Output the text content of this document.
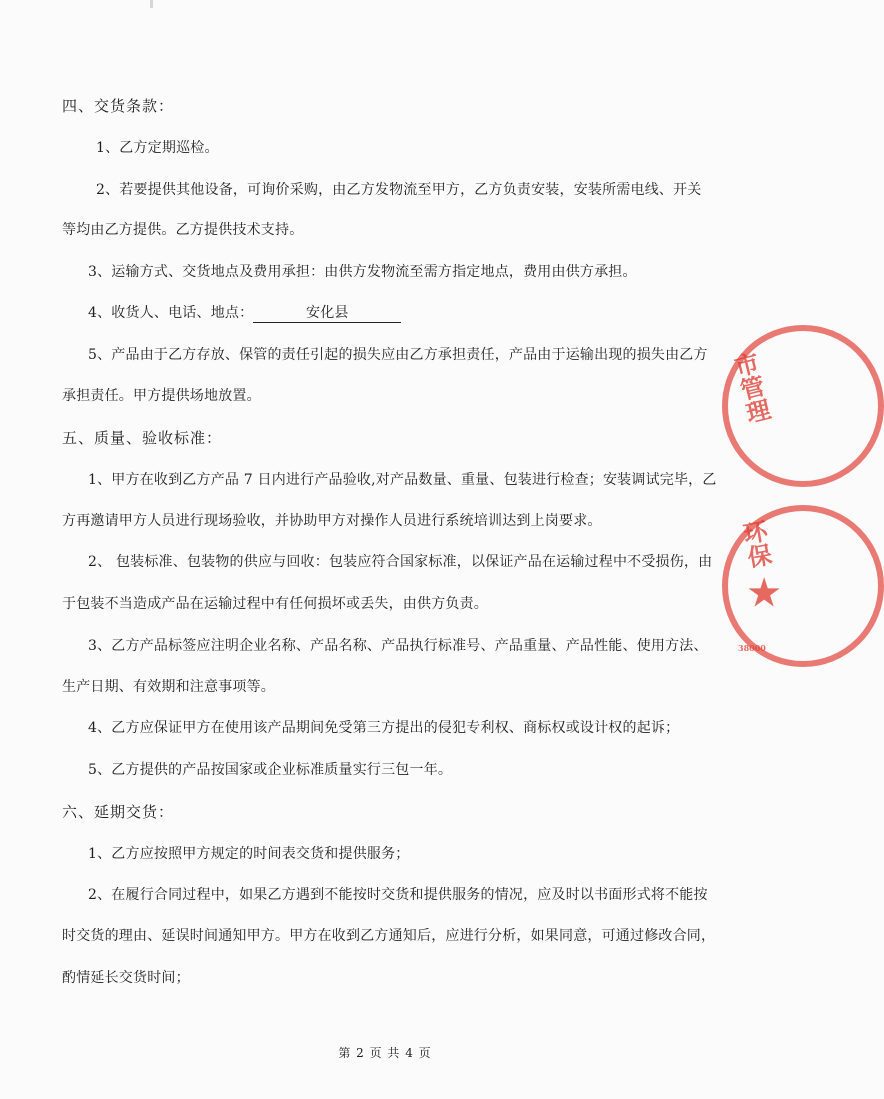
四、交货条款：
1、乙方定期巡检。
2、若要提供其他设备，可询价采购，由乙方发物流至甲方，乙方负责安装，安装所需电线、开关
等均由乙方提供。乙方提供技术支持。
3、运输方式、交货地点及费用承担：由供方发物流至需方指定地点，费用由供方承担。
4、收货人、电话、地点：	安化县
5、产品由于乙方存放、保管的责任引起的损失应由乙方承担责任，产品由于运输出现的损失由乙方
承担责任。甲方提供场地放置。
五、质量、验收标准：
1、甲方在收到乙方产品 7 日内进行产品验收,对产品数量、重量、包装进行检查；安装调试完毕，乙
方再邀请甲方人员进行现场验收，并协助甲方对操作人员进行系统培训达到上岗要求。
2、 包装标准、包装物的供应与回收：包装应符合国家标准，以保证产品在运输过程中不受损伤，由
于包装不当造成产品在运输过程中有任何损坏或丢失，由供方负责。
3、乙方产品标签应注明企业名称、产品名称、产品执行标准号、产品重量、产品性能、使用方法、
生产日期、有效期和注意事项等。
4、乙方应保证甲方在使用该产品期间免受第三方提出的侵犯专利权、商标权或设计权的起诉；
5、乙方提供的产品按国家或企业标准质量实行三包一年。
六、延期交货：
1、乙方应按照甲方规定的时间表交货和提供服务；
2、在履行合同过程中，如果乙方遇到不能按时交货和提供服务的情况，应及时以书面形式将不能按
时交货的理由、延误时间通知甲方。甲方在收到乙方通知后，应进行分析，如果同意，可通过修改合同，
酌情延长交货时间；
第 2 页 共 4 页
市管理
环保
★
38000
